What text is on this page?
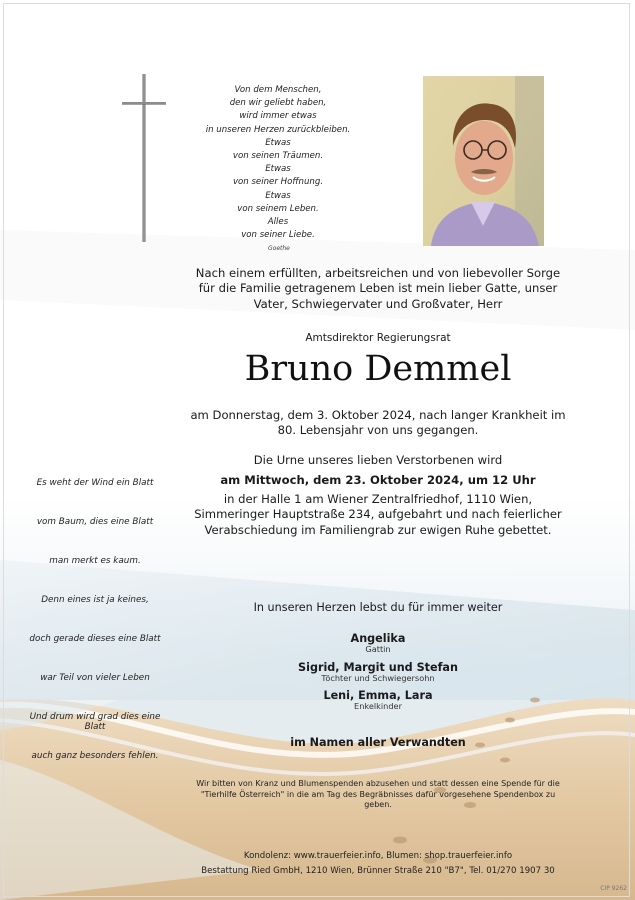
Von dem Menschen,
den wir geliebt haben,
wird immer etwas
in unseren Herzen zurückbleiben.
Etwas
von seinen Träumen.
Etwas
von seiner Hoffnung.
Etwas
von seinem Leben.
Alles
von seiner Liebe.
Goethe
Nach einem erfüllten, arbeitsreichen und von liebevoller Sorge für die Familie getragenem Leben ist mein lieber Gatte, unser Vater, Schwiegervater und Großvater, Herr
Amtsdirektor Regierungsrat
Bruno Demmel
am Donnerstag, dem 3. Oktober 2024, nach langer Krankheit im 80. Lebensjahr von uns gegangen.
Die Urne unseres lieben Verstorbenen wird
am Mittwoch, dem 23. Oktober 2024, um 12 Uhr
in der Halle 1 am Wiener Zentralfriedhof, 1110 Wien, Simmeringer Hauptstraße 234, aufgebahrt und nach feierlicher Verabschiedung im Familiengrab zur ewigen Ruhe gebettet.
Es weht der Wind ein Blatt
vom Baum, dies eine Blatt
man merkt es kaum.
Denn eines ist ja keines,
doch gerade dieses eine Blatt
war Teil von vieler Leben
Und drum wird grad dies eine Blatt
auch ganz besonders fehlen.
In unseren Herzen lebst du für immer weiter
Angelika
Gattin
Sigrid, Margit und Stefan
Töchter und Schwiegersohn
Leni, Emma, Lara
Enkelkinder
im Namen aller Verwandten
Wir bitten von Kranz und Blumenspenden abzusehen und statt dessen eine Spende für die "Tierhilfe Österreich" in die am Tag des Begräbnisses dafür vorgesehene Spendenbox zu geben.
Kondolenz: www.trauerfeier.info, Blumen: shop.trauerfeier.info
Bestattung Ried GmbH, 1210 Wien, Brünner Straße 210 "B7", Tel. 01/270 1907 30
CIP 9262
